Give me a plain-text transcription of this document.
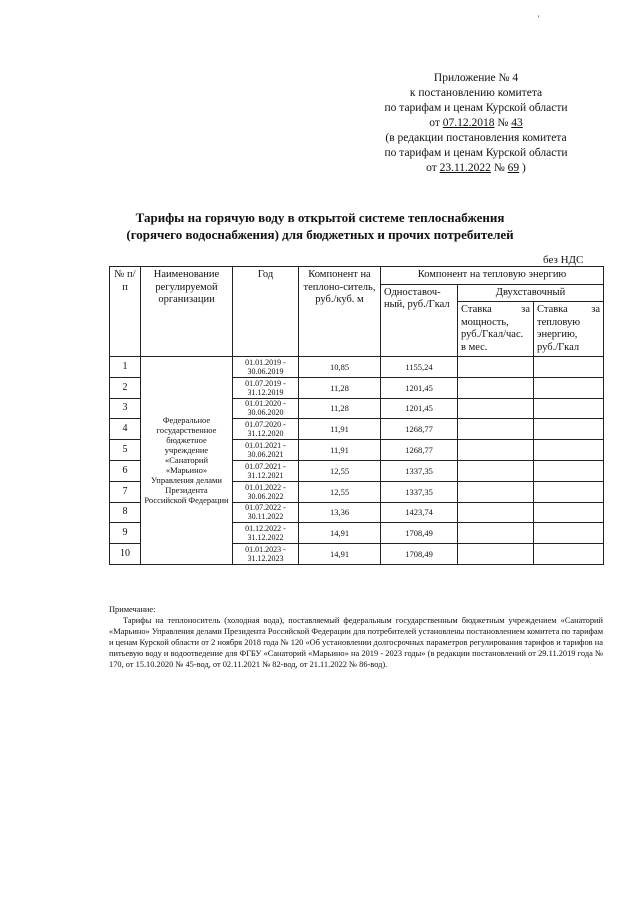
'
Приложение № 4
к постановлению комитета
по тарифам и ценам Курской области
от 07.12.2018 № 43
(в редакции постановления комитета
по тарифам и ценам Курской области
от 23.11.2022 № 69 )
Тарифы на горячую воду в открытой системе теплоснабжения
(горячего водоснабжения) для бюджетных и прочих потребителей
без НДС
№ п/п	Наименование регулируемой организации	Год	Компонент на теплоно-ситель, руб./куб. м	Компонент на тепловую энергию		
				Одноставоч-ный, руб./Гкал	Двухставочный	
					Ставка за мощность, руб./Гкал/час. в мес.	Ставка за тепловую энергию, руб./Гкал
1	Федеральное государственное бюджетное учреждение «Санаторий «Марьино» Управления делами Президента Российской Федерации	01.01.2019 - 30.06.2019	10,85	1155,24		
2		01.07.2019 - 31.12.2019	11,28	1201,45		
3		01.01.2020 - 30.06.2020	11,28	1201,45		
4		01.07.2020 - 31.12.2020	11,91	1268,77		
5		01.01.2021 - 30.06.2021	11,91	1268,77		
6		01.07.2021 - 31.12.2021	12,55	1337,35		
7		01.01.2022 - 30.06.2022	12,55	1337,35		
8		01.07.2022 - 30.11.2022	13,36	1423,74		
9		01.12.2022 - 31.12.2022	14,91	1708,49		
10		01.01.2023 - 31.12.2023	14,91	1708,49		

Примечание:

Тарифы на теплоноситель (холодная вода), поставляемый федеральным государственным бюджетным учреждением «Санаторий «Марьино» Управления делами Президента Российской Федерации для потребителей установлены постановлением комитета по тарифам и ценам Курской области от 2 ноября 2018 года № 120 «Об установлении долгосрочных параметров регулирования тарифов и тарифов на питьевую воду и водоотведение для ФГБУ «Санаторий «Марьино» на 2019 - 2023 годы» (в редакции постановлений от 29.11.2019 года № 170, от 15.10.2020 № 45-вод, от 02.11.2021 № 82-вод, от 21.11.2022 № 86-вод).
